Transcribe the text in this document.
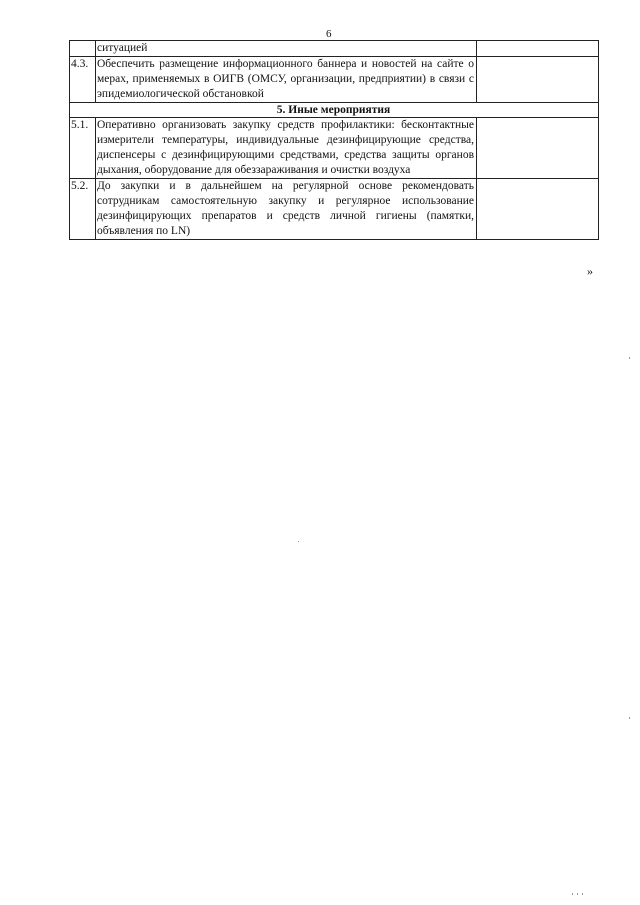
6
	ситуацией	
4.3.	Обеспечить размещение информационного баннера и новостей на сайте о мерах, применяемых в ОИГВ (ОМСУ, организации, предприятии) в связи с эпидемиологической обстановкой	
5. Иные мероприятия		
5.1.	Оперативно организовать закупку средств профилактики: бесконтактные измерители температуры, индивидуальные дезинфицирующие средства, диспенсеры с дезинфицирующими средствами, средства защиты органов дыхания, оборудование для обеззараживания и очистки воздуха	
5.2.	До закупки и в дальнейшем на регулярной основе рекомендовать сотрудникам самостоятельную закупку и регулярное использование дезинфицирующих препаратов и средств личной гигиены (памятки, объявления по LN)	
»
